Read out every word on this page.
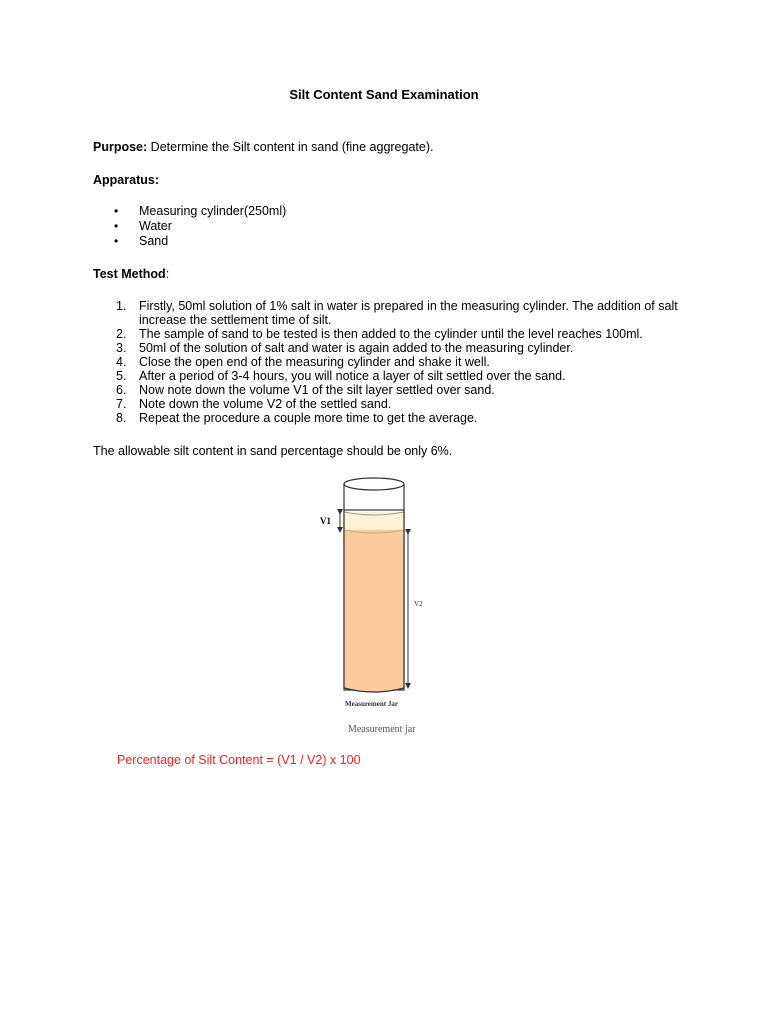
Silt Content Sand Examination
Purpose: Determine the Silt content in sand (fine aggregate).
Apparatus:
• Measuring cylinder(250ml)
• Water
• Sand
Test Method:
1. Firstly, 50ml solution of 1% salt in water is prepared in the measuring cylinder. The addition of salt increase the settlement time of silt.
2. The sample of sand to be tested is then added to the cylinder until the level reaches 100ml.
3. 50ml of the solution of salt and water is again added to the measuring cylinder.
4. Close the open end of the measuring cylinder and shake it well.
5. After a period of 3-4 hours, you will notice a layer of silt settled over the sand.
6. Now note down the volume V1 of the silt layer settled over sand.
7. Note down the volume V2 of the settled sand.
8. Repeat the procedure a couple more time to get the average.
The allowable silt content in sand percentage should be only 6%.
V1
V2
Measurement Jar
Measurement jar
Percentage of Silt Content = (V1 / V2) x 100
